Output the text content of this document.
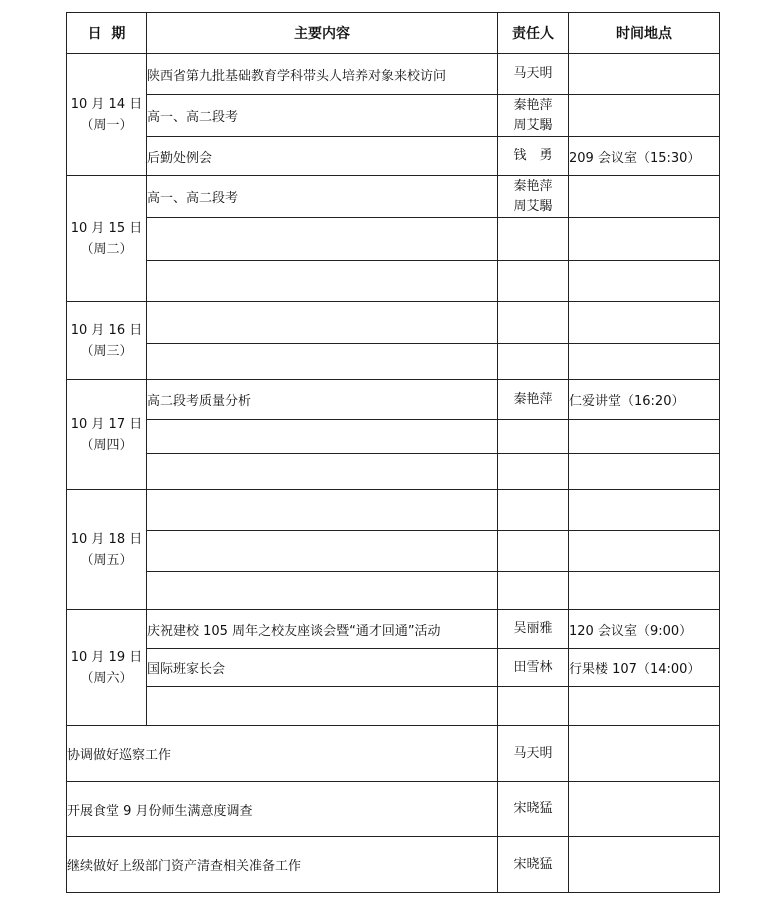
日  期	主要内容	责任人	时间地点

10 月 14 日
（周一）	陕西省第九批基础教育学科带头人培养对象来校访问	马天明	

	高一、高二段考	秦艳萍
周艾騔	

	后勤处例会	钱　勇	209 会议室（15:30）

10 月 15 日
（周二）	高一、高二段考	秦艳萍
周艾騔	

10 月 16 日
（周三）			

10 月 17 日
（周四）	高二段考质量分析	秦艳萍	仁爱讲堂（16:20）

10 月 18 日
（周五）			

10 月 19 日
（周六）	庆祝建校 105 周年之校友座谈会暨“通才回通”活动	吴丽雅	120 会议室（9:00）
	国际班家长会	田雪林	行果楼 107（14:00）

协调做好巡察工作		马天明	
开展食堂 9 月份师生满意度调查		宋晓猛	
继续做好上级部门资产清查相关准备工作		宋晓猛	
